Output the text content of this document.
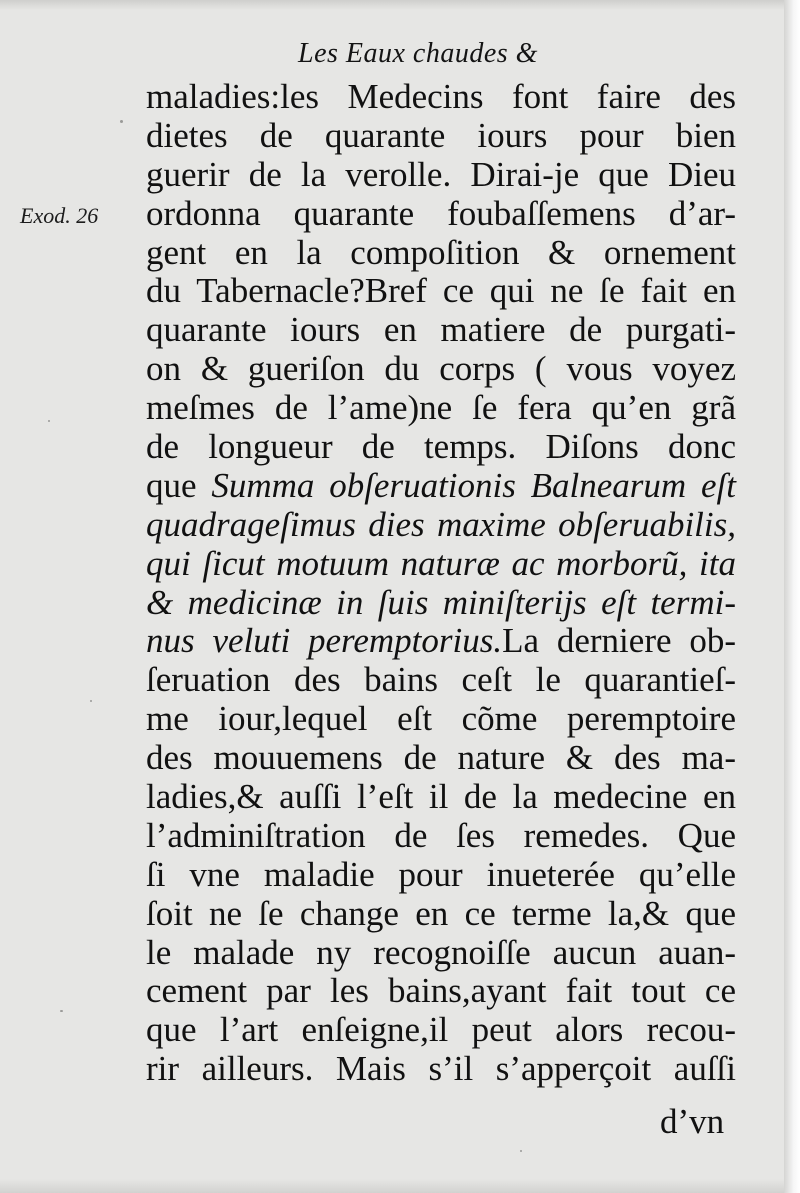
Les Eaux chaudes &
Exod. 26
maladies:les Medecins font faire des
dietes de quarante iours pour bien
guerir de la verolle. Dirai-je que Dieu
ordonna quarante foubaſſemens d’ar-
gent en la compoſition & ornement
du Tabernacle?Bref ce qui ne ſe fait en
quarante iours en matiere de purgati-
on & gueriſon du corps ( vous voyez
meſmes de l’ame)ne ſe fera qu’en grã
de longueur de temps. Diſons donc
que Summa obſeruationis Balnearum eſt
quadrageſimus dies maxime obſeruabilis,
qui ſicut motuum naturæ ac morborũ, ita
& medicinæ in ſuis miniſterijs eſt termi-
nus veluti peremptorius.La derniere ob-
ſeruation des bains ceſt le quarantieſ-
me iour,lequel eſt cõme peremptoire
des mouuemens de nature & des ma-
ladies,& auſſi l’eſt il de la medecine en
l’adminiſtration de ſes remedes. Que
ſi vne maladie pour inueterée qu’elle
ſoit ne ſe change en ce terme la,& que
le malade ny recognoiſſe aucun auan-
cement par les bains,ayant fait tout ce
que l’art enſeigne,il peut alors recou-
rir ailleurs. Mais s’il s’apperçoit auſſi
d’vn
